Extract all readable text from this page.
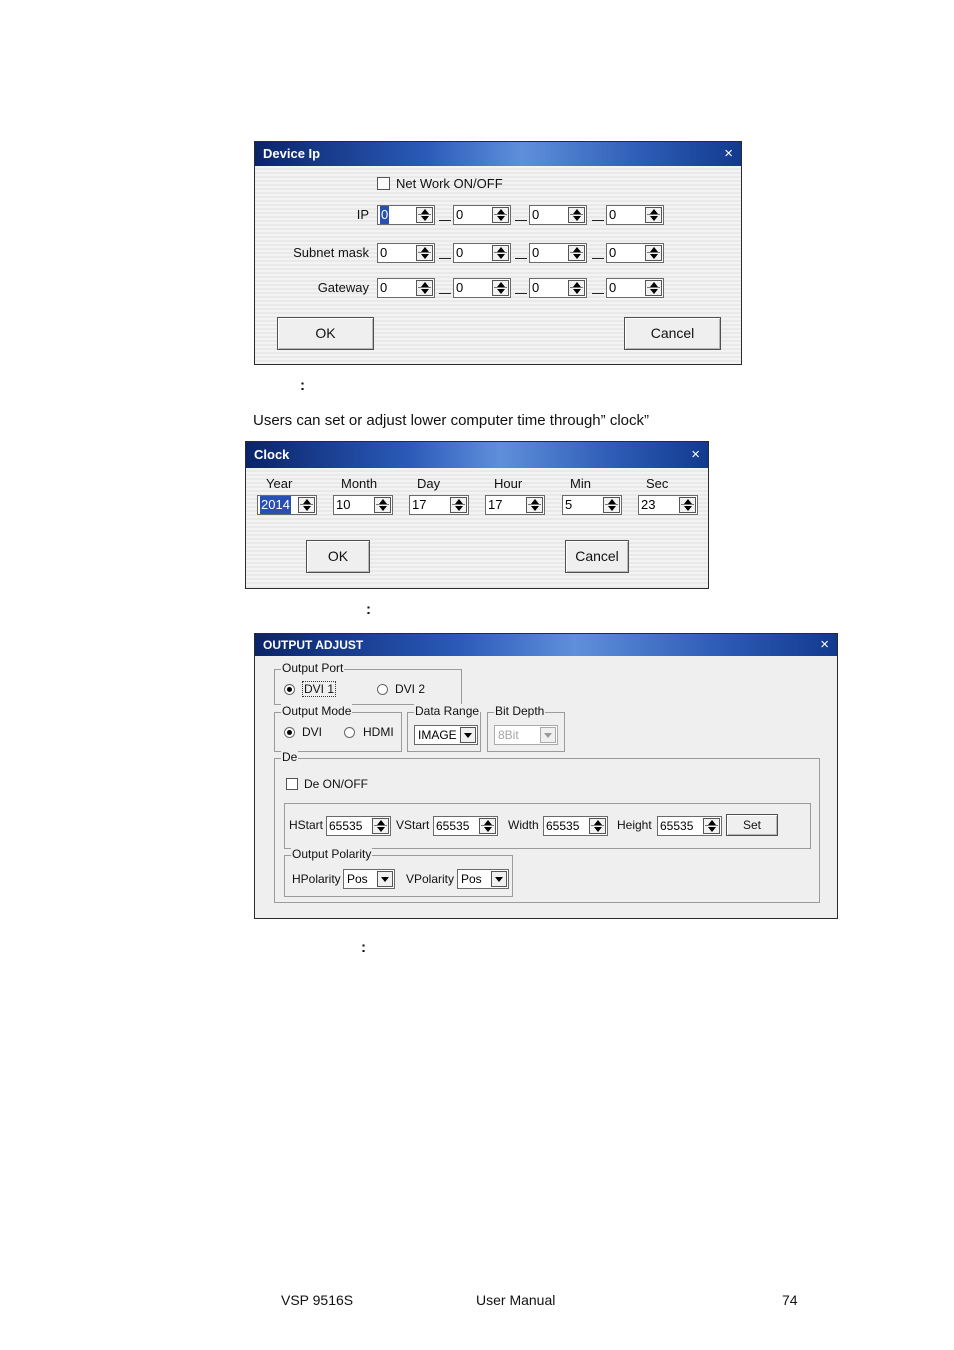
Device Ip	×
Net Work ON/OFF
IP 0	0	0	0
Subnet mask 0	0	0	0
Gateway 0	0	0	0
OK	Cancel
:
Users can set or adjust lower computer time through” clock”
Clock	×
Year	Month	Day	Hour	Min	Sec
2014	10	17	17	5	23
OK	Cancel
:
OUTPUT ADJUST	×
Output Port
DVI 1	DVI 2
Output Mode
DVI	HDMI
Data Range
IMAGE
Bit Depth
8Bit
De
De ON/OFF
HStart 65535	VStart 65535	Width 65535	Height 65535	Set
Output Polarity
HPolarity Pos	VPolarity Pos
:
VSP 9516S	User Manual	74
